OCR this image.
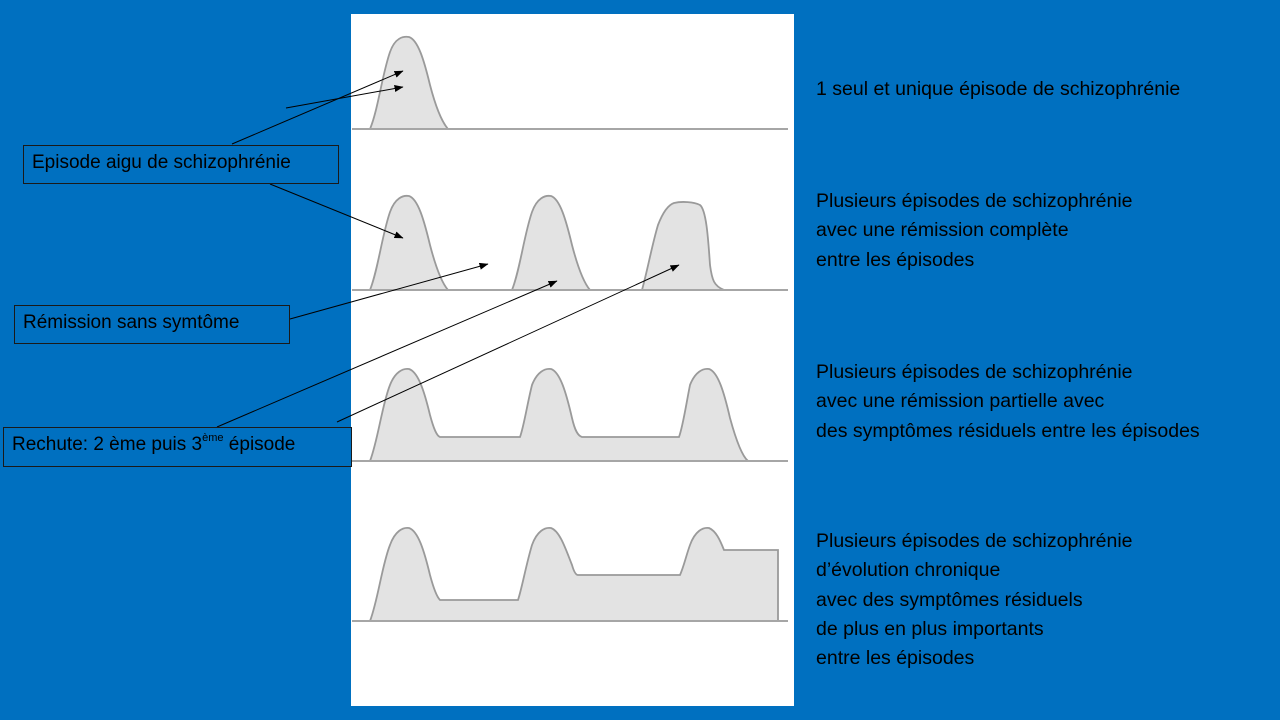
Episode aigu de schizophrénie
Rémission sans symtôme
Rechute: 2 ème puis 3ème épisode
1 seul et unique épisode de schizophrénie
Plusieurs épisodes de schizophrénie
avec une rémission complète
entre les épisodes
Plusieurs épisodes de schizophrénie
avec une rémission partielle avec
des symptômes résiduels entre les épisodes
Plusieurs épisodes de schizophrénie
d’évolution chronique
avec des symptômes résiduels
de plus en plus importants
entre les épisodes
